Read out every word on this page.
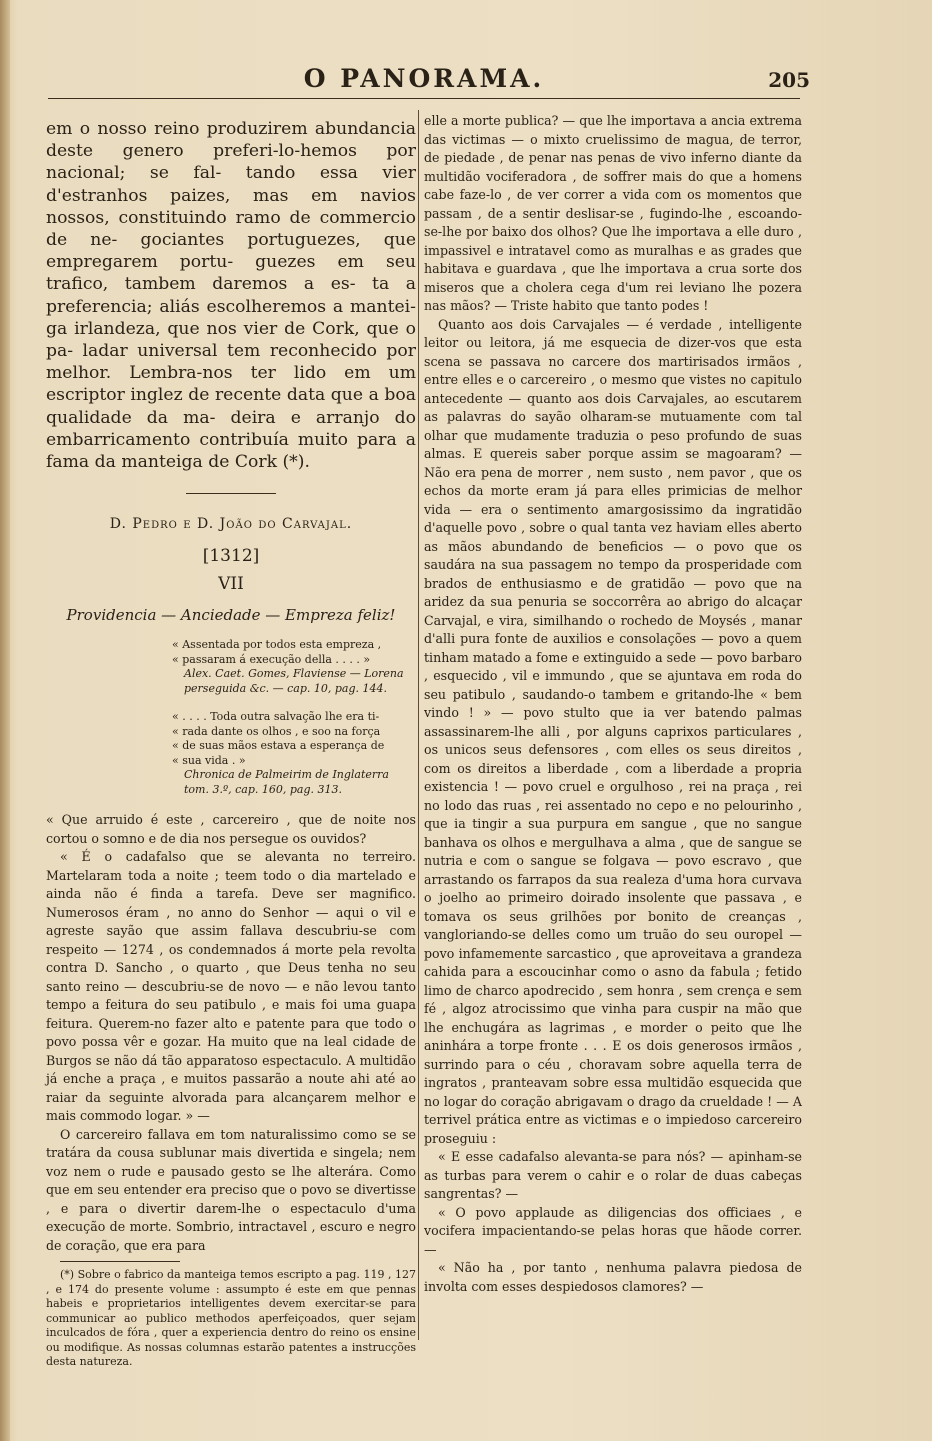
O PANORAMA.	205

em o nosso reino produzirem abundancia deste genero preferi-lo-hemos por nacional; se fal- tando essa vier d'estranhos paizes, mas em navios nossos, constituindo ramo de commercio de ne- gociantes portuguezes, que empregarem portu- guezes em seu trafico, tambem daremos a es- ta a preferencia; aliás escolheremos a mantei- ga irlandeza, que nos vier de Cork, que o pa- ladar universal tem reconhecido por melhor. Lembra-nos ter lido em um escriptor inglez de recente data que a boa qualidade da ma- deira e arranjo do embarricamento contribuía muito para a fama da manteiga de Cork (*).

D. Pedro e D. João do Carvajal.
[1312]
VII
Providencia — Anciedade — Empreza feliz!
« Assentada por todos esta empreza ,
« passaram á execução della . . . . »
Alex. Caet. Gomes, Flaviense — Lorena perseguida &c. — cap. 10, pag. 144.
« . . . . Toda outra salvação lhe era ti-
« rada dante os olhos , e soo na força
« de suas mãos estava a esperança de
« sua vida . »
Chronica de Palmeirim de Inglaterra tom. 3.º, cap. 160, pag. 313.

« Que arruido é este , carcereiro , que de noite nos cortou o somno e de dia nos persegue os ouvidos?

« É o cadafalso que se alevanta no terreiro. Martelaram toda a noite ; teem todo o dia martelado e ainda não é finda a tarefa. Deve ser magnifico. Numerosos éram , no anno do Senhor — aqui o vil e agreste sayão que assim fallava descubriu-se com respeito — 1274 , os condemnados á morte pela revolta contra D. Sancho , o quarto , que Deus tenha no seu santo reino — descubriu-se de novo — e não levou tanto tempo a feitura do seu patibulo , e mais foi uma guapa feitura. Querem-no fazer alto e patente para que todo o povo possa vêr e gozar. Ha muito que na leal cidade de Burgos se não dá tão apparatoso espectaculo. A multidão já enche a praça , e muitos passarão a noute ahi até ao raiar da seguinte alvorada para alcançarem melhor e mais commodo logar. » —

O carcereiro fallava em tom naturalissimo como se se tratára da cousa sublunar mais divertida e singela; nem voz nem o rude e pausado gesto se lhe alterára. Como que em seu entender era preciso que o povo se divertisse , e para o divertir darem-lhe o espectaculo d'uma execução de morte. Sombrio, intractavel , escuro e negro de coração, que era para

(*) Sobre o fabrico da manteiga temos escripto a pag. 119 , 127 , e 174 do presente volume : assumpto é este em que pennas habeis e proprietarios intelligentes devem exercitar-se para communicar ao publico methodos aperfeiçoados, quer sejam inculcados de fóra , quer a experiencia dentro do reino os ensine ou modifique. As nossas columnas estarão patentes a instrucções desta natureza.

elle a morte publica? — que lhe importava a ancia extrema das victimas — o mixto cruelissimo de magua, de terror, de piedade , de penar nas penas de vivo inferno diante da multidão vociferadora , de soffrer mais do que a homens cabe faze-lo , de ver correr a vida com os momentos que passam , de a sentir deslisar-se , fugindo-lhe , escoando-se-lhe por baixo dos olhos? Que lhe importava a elle duro , impassivel e intratavel como as muralhas e as grades que habitava e guardava , que lhe importava a crua sorte dos miseros que a cholera cega d'um rei leviano lhe pozera nas mãos? — Triste habito que tanto podes !

Quanto aos dois Carvajales — é verdade , intelligente leitor ou leitora, já me esquecia de dizer-vos que esta scena se passava no carcere dos martirisados irmãos , entre elles e o carcereiro , o mesmo que vistes no capitulo antecedente — quanto aos dois Carvajales, ao escutarem as palavras do sayão olharam-se mutuamente com tal olhar que mudamente traduzia o peso profundo de suas almas. E quereis saber porque assim se magoaram? — Não era pena de morrer , nem susto , nem pavor , que os echos da morte eram já para elles primicias de melhor vida — era o sentimento amargosissimo da ingratidão d'aquelle povo , sobre o qual tanta vez haviam elles aberto as mãos abundando de beneficios — o povo que os saudára na sua passagem no tempo da prosperidade com brados de enthusiasmo e de gratidão — povo que na aridez da sua penuria se soccorrêra ao abrigo do alcaçar Carvajal, e vira, similhando o rochedo de Moysés , manar d'alli pura fonte de auxilios e consolações — povo a quem tinham matado a fome e extinguido a sede — povo barbaro , esquecido , vil e immundo , que se ajuntava em roda do seu patibulo , saudando-o tambem e gritando-lhe « bem vindo ! » — povo stulto que ia ver batendo palmas assassinarem-lhe alli , por alguns caprixos particulares , os unicos seus defensores , com elles os seus direitos , com os direitos a liberdade , com a liberdade a propria existencia ! — povo cruel e orgulhoso , rei na praça , rei no lodo das ruas , rei assentado no cepo e no pelourinho , que ia tingir a sua purpura em sangue , que no sangue banhava os olhos e mergulhava a alma , que de sangue se nutria e com o sangue se folgava — povo escravo , que arrastando os farrapos da sua realeza d'uma hora curvava o joelho ao primeiro doirado insolente que passava , e tomava os seus grilhões por bonito de creanças , vangloriando-se delles como um truão do seu ouropel — povo infamemente sarcastico , que aproveitava a grandeza cahida para a escoucinhar como o asno da fabula ; fetido limo de charco apodrecido , sem honra , sem crença e sem fé , algoz atrocissimo que vinha para cuspir na mão que lhe enchugára as lagrimas , e morder o peito que lhe aninhára a torpe fronte . . . E os dois generosos irmãos , surrindo para o céu , choravam sobre aquella terra de ingratos , pranteavam sobre essa multidão esquecida que no logar do coração abrigavam o drago da crueldade ! — A terrivel prática entre as victimas e o impiedoso carcereiro proseguiu :

« E esse cadafalso alevanta-se para nós? — apinham-se as turbas para verem o cahir e o rolar de duas cabeças sangrentas? —

« O povo applaude as diligencias dos officiaes , e vocifera impacientando-se pelas horas que hãode correr. —

« Não ha , por tanto , nenhuma palavra piedosa de involta com esses despiedosos clamores? —
